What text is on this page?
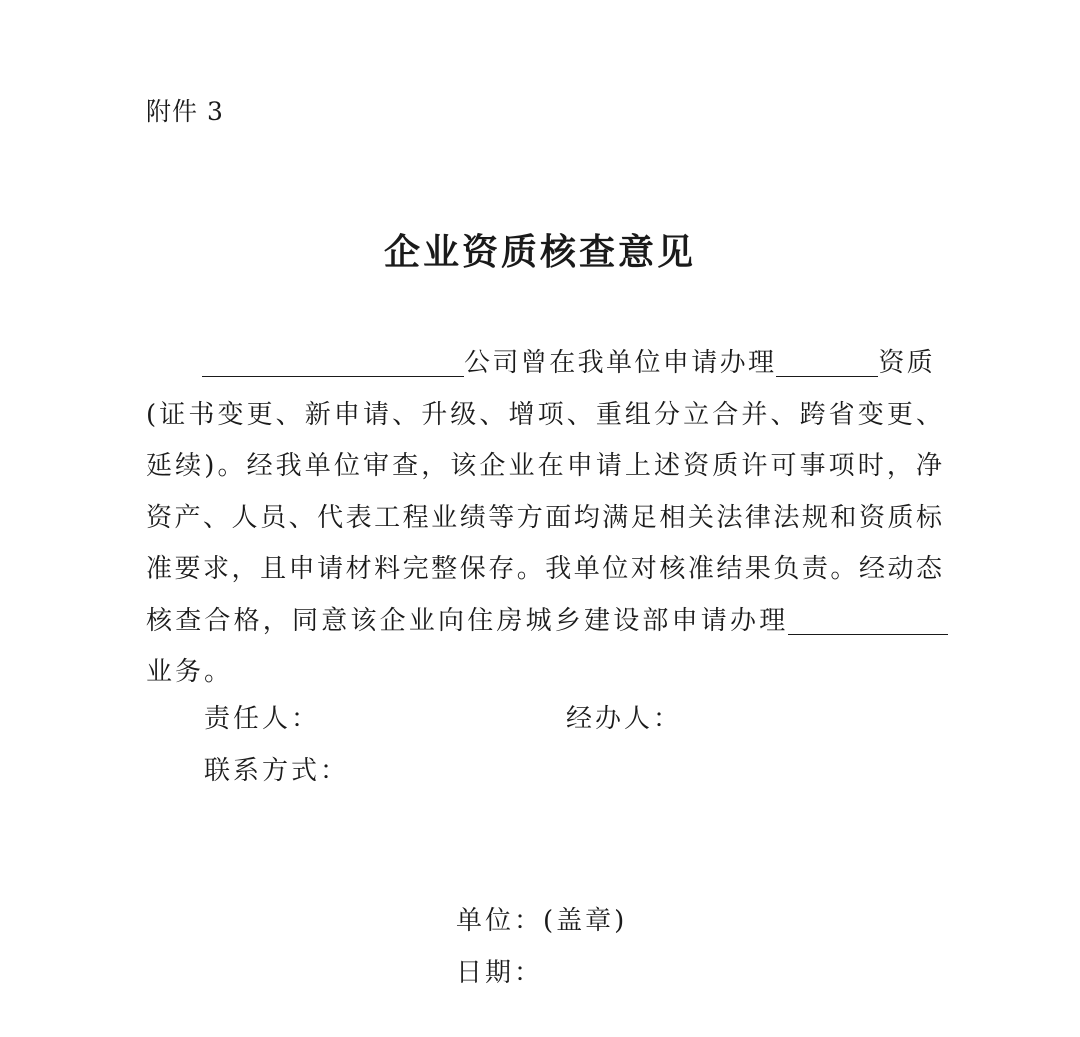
附件 3
企业资质核查意见
公司曾在我单位申请办理	资质
(证书变更、新申请、升级、增项、重组分立合并、跨省变更、
延续)。经我单位审查，该企业在申请上述资质许可事项时，净
资产、人员、代表工程业绩等方面均满足相关法律法规和资质标
准要求，且申请材料完整保存。我单位对核准结果负责。经动态
核查合格，同意该企业向住房城乡建设部申请办理
业务。
责任人：	经办人：
联系方式：
单位：(盖章)
日期：
